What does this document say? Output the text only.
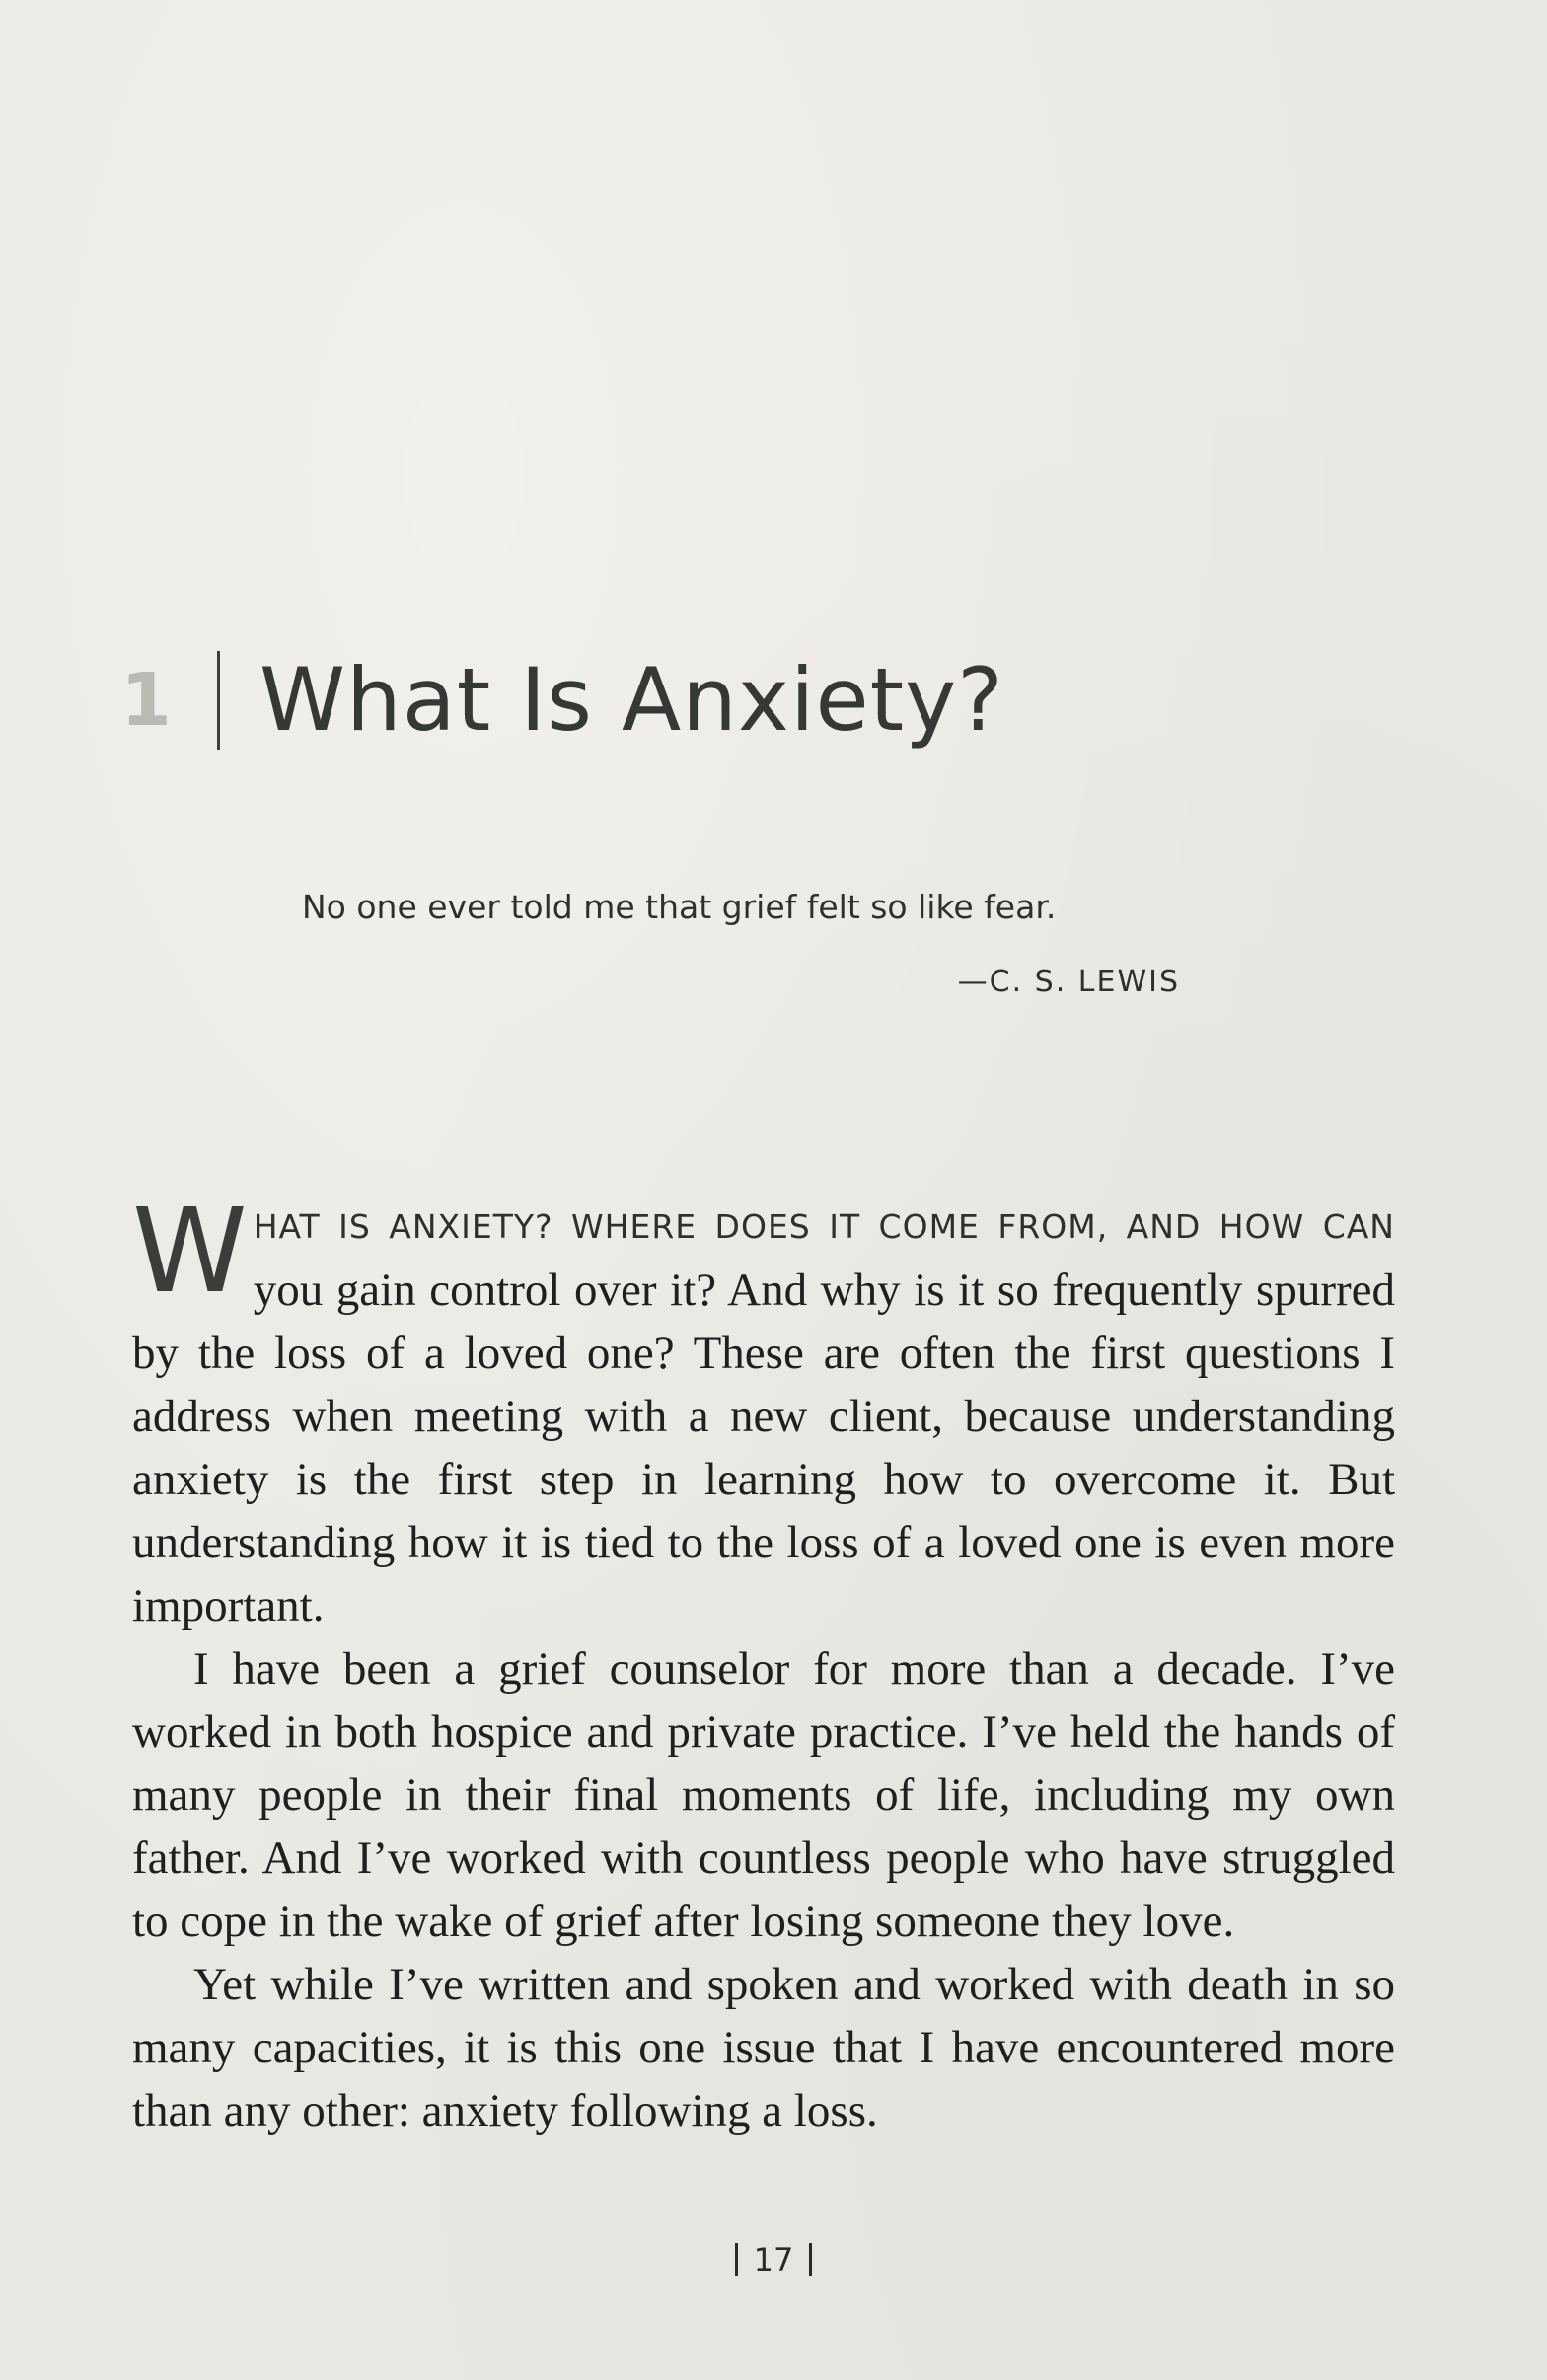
1 What Is Anxiety?
No one ever told me that grief felt so like fear.
—C. S. LEWIS

W HAT IS ANXIETY? WHERE DOES IT COME FROM, AND HOW CAN you gain control over it? And why is it so frequently spurred by the loss of a loved one? These are often the first questions I address when meeting with a new client, because understanding anxiety is the first step in learning how to overcome it. But understanding how it is tied to the loss of a loved one is even more important.

I have been a grief counselor for more than a decade. I’ve worked in both hospice and private practice. I’ve held the hands of many people in their final moments of life, including my own father. And I’ve worked with countless people who have struggled to cope in the wake of grief after losing someone they love.

Yet while I’ve written and spoken and worked with death in so many capacities, it is this one issue that I have encountered more than any other: anxiety following a loss.

17
